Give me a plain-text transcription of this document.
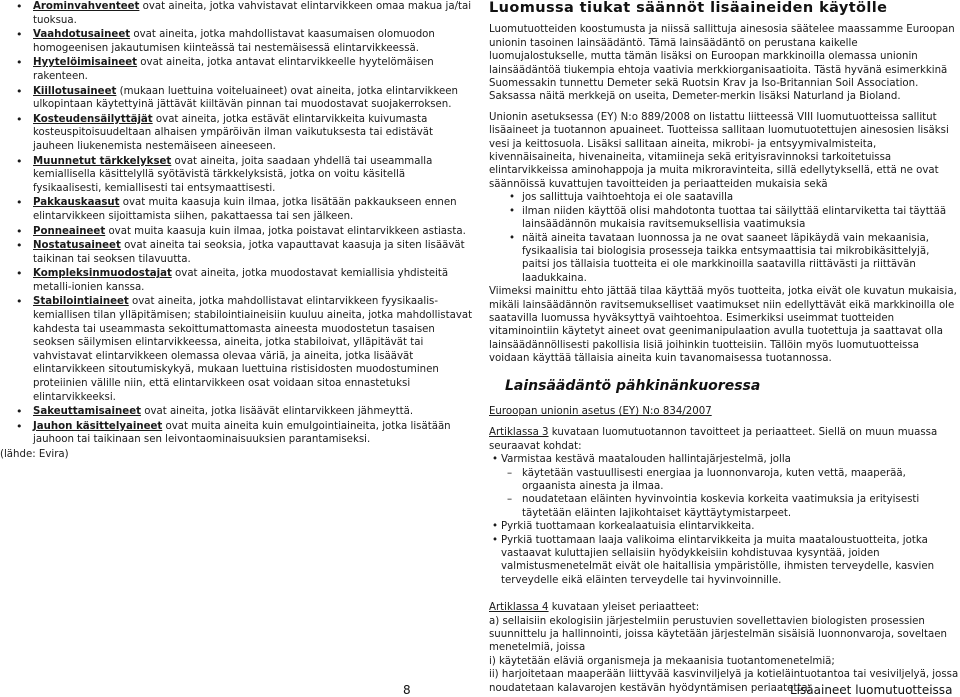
• Arominvahventeet ovat aineita, jotka vahvistavat elintarvikkeen omaa makua ja/tai tuoksua.
• Vaahdotusaineet ovat aineita, jotka mahdollistavat kaasumaisen olomuodon homogeenisen jakautumisen kiinteässä tai nestemäisessä elintarvikkeessä.
• Hyytelöimisaineet ovat aineita, jotka antavat elintarvikkeelle hyytelömäisen rakenteen.
• Kiillotusaineet (mukaan luettuina voiteluaineet) ovat aineita, jotka elintarvikkeen ulkopintaan käytettyinä jättävät kiiltävän pinnan tai muodostavat suojakerroksen.
• Kosteudensäilyttäjät ovat aineita, jotka estävät elintarvikkeita kuivumasta kosteuspitoisuudeltaan alhaisen ympäröivän ilman vaikutuksesta tai edistävät jauheen liukenemista nestemäiseen aineeseen.
• Muunnetut tärkkelykset ovat aineita, joita saadaan yhdellä tai useammalla kemiallisella käsittelyllä syötävistä tärkkelyksistä, jotka on voitu käsitellä fysikaalisesti, kemiallisesti tai entsymaattisesti.
• Pakkauskaasut ovat muita kaasuja kuin ilmaa, jotka lisätään pakkaukseen ennen elintarvikkeen sijoittamista siihen, pakattaessa tai sen jälkeen.
• Ponneaineet ovat muita kaasuja kuin ilmaa, jotka poistavat elintarvikkeen astiasta.
• Nostatusaineet ovat aineita tai seoksia, jotka vapauttavat kaasuja ja siten lisäävät taikinan tai seoksen tilavuutta.
• Kompleksinmuodostajat ovat aineita, jotka muodostavat kemiallisia yhdisteitä metalli-ionien kanssa.
• Stabilointiaineet ovat aineita, jotka mahdollistavat elintarvikkeen fyysikaalis-kemiallisen tilan ylläpitämisen; stabilointiaineisiin kuuluu aineita, jotka mahdollistavat kahdesta tai useammasta sekoittumattomasta aineesta muodostetun tasaisen seoksen säilymisen elintarvikkeessa, aineita, jotka stabiloivat, ylläpitävät tai vahvistavat elintarvikkeen olemassa olevaa väriä, ja aineita, jotka lisäävät elintarvikkeen sitoutumiskykyä, mukaan luettuina ristisidosten muodostuminen proteiinien välille niin, että elintarvikkeen osat voidaan sitoa ennastetuksi elintarvikkeeksi.
• Sakeuttamisaineet ovat aineita, jotka lisäävät elintarvikkeen jähmeyttä.
• Jauhon käsittelyaineet ovat muita aineita kuin emulgointiaineita, jotka lisätään jauhoon tai taikinaan sen leivontaominaisuuksien parantamiseksi.
(lähde: Evira)
Luomussa tiukat säännöt lisäaineiden käytölle
Luomutuotteiden koostumusta ja niissä sallittuja ainesosia säätelee maassamme Euroopan unionin tasoinen lainsäädäntö. Tämä lainsäädäntö on perustana kaikelle luomujalostukselle, mutta tämän lisäksi on Euroopan markkinoilla olemassa unionin lainsäädäntöä tiukempia ehtoja vaativia merkkiorganisaatioita. Tästä hyvänä esimerkkinä Suomessakin tunnettu Demeter sekä Ruotsin Krav ja Iso-Britannian Soil Association. Saksassa näitä merkkejä on useita, Demeter-merkin lisäksi Naturland ja Bioland.
Unionin asetuksessa (EY) N:o 889/2008 on listattu liitteessä VIII luomutuotteissa sallitut lisäaineet ja tuotannon apuaineet. Tuotteissa sallitaan luomutuotettujen ainesosien lisäksi vesi ja keittosuola. Lisäksi sallitaan aineita, mikrobi- ja entsyymivalmisteita, kivennäisaineita, hivenaineita, vitamiineja sekä erityisravinnoksi tarkoitetuissa elintarvikkeissa aminohappoja ja muita mikroravinteita, sillä edellytyksellä, että ne ovat säännöissä kuvattujen tavoitteiden ja periaatteiden mukaisia sekä
• jos sallittuja vaihtoehtoja ei ole saatavilla
• ilman niiden käyttöä olisi mahdotonta tuottaa tai säilyttää elintarviketta tai täyttää lainsäädännön mukaisia ravitsemuksellisia vaatimuksia
• näitä aineita tavataan luonnossa ja ne ovat saaneet läpikäydä vain mekaanisia, fysikaalisia tai biologisia prosesseja taikka entsymaattisia tai mikrobikäsittelyjä, paitsi jos tällaisia tuotteita ei ole markkinoilla saatavilla riittävästi ja riittävän laadukkaina.
Viimeksi mainittu ehto jättää tilaa käyttää myös tuotteita, jotka eivät ole kuvatun mukaisia, mikäli lainsäädännön ravitsemukselliset vaatimukset niin edellyttävät eikä markkinoilla ole saatavilla luomussa hyväksyttyä vaihtoehtoa. Esimerkiksi useimmat tuotteiden vitaminointiin käytetyt aineet ovat geenimanipulaation avulla tuotettuja ja saattavat olla lainsäädännöllisesti pakollisia lisiä joihinkin tuotteisiin. Tällöin myös luomutuotteissa voidaan käyttää tällaisia aineita kuin tavanomaisessa tuotannossa.
Lainsäädäntö pähkinänkuoressa
Euroopan unionin asetus (EY) N:o 834/2007
Artiklassa 3 kuvataan luomutuotannon tavoitteet ja periaatteet. Siellä on muun muassa seuraavat kohdat:
• Varmistaa kestävä maatalouden hallintajärjestelmä, jolla
– käytetään vastuullisesti energiaa ja luonnonvaroja, kuten vettä, maaperää, orgaanista ainesta ja ilmaa.
– noudatetaan eläinten hyvinvointia koskevia korkeita vaatimuksia ja erityisesti täytetään eläinten lajikohtaiset käyttäytymistarpeet.
• Pyrkiä tuottamaan korkealaatuisia elintarvikkeita.
• Pyrkiä tuottamaan laaja valikoima elintarvikkeita ja muita maataloustuotteita, jotka vastaavat kuluttajien sellaisiin hyödykkeisiin kohdistuvaa kysyntää, joiden valmistusmenetelmät eivät ole haitallisia ympäristölle, ihmisten terveydelle, kasvien terveydelle eikä eläinten terveydelle tai hyvinvoinnille.
Artiklassa 4 kuvataan yleiset periaatteet:
a) sellaisiin ekologisiin järjestelmiin perustuvien sovellettavien biologisten prosessien suunnittelu ja hallinnointi, joissa käytetään järjestelmän sisäisiä luonnonvaroja, soveltaen menetelmiä, joissa
i) käytetään eläviä organismeja ja mekaanisia tuotantomenetelmiä;
ii) harjoitetaan maaperään liittyvää kasvinviljelyä ja kotieläintuotantoa tai vesiviljelyä, jossa noudatetaan kalavarojen kestävän hyödyntämisen periaatetta;
8	Lisäaineet luomutuotteissa
